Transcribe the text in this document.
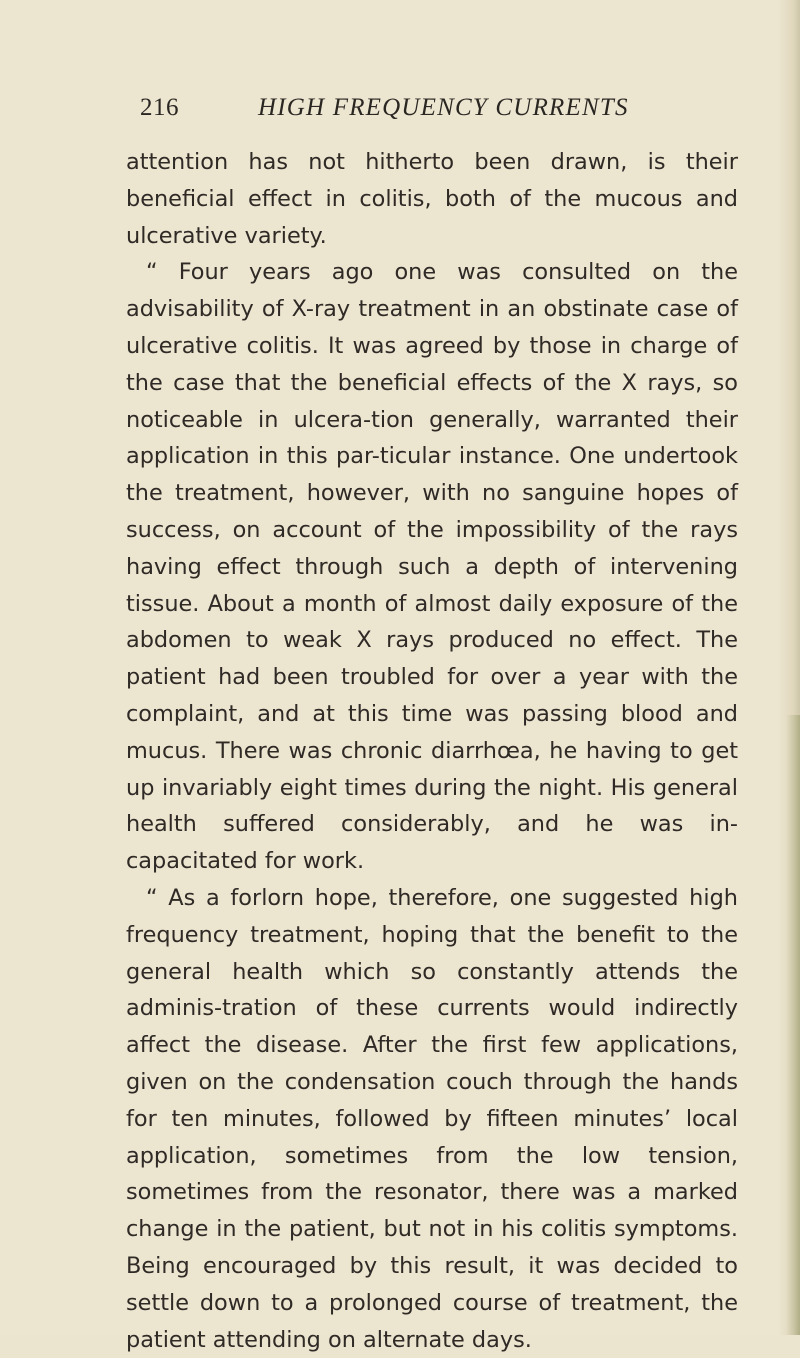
216	HIGH FREQUENCY CURRENTS

attention has not hitherto been drawn, is their beneficial effect in colitis, both of the mucous and ulcerative variety.

“ Four years ago one was consulted on the advisability of X-ray treatment in an obstinate case of ulcerative colitis. It was agreed by those in charge of the case that the beneficial effects of the X rays, so noticeable in ulcera-tion generally, warranted their application in this par-ticular instance. One undertook the treatment, however, with no sanguine hopes of success, on account of the impossibility of the rays having effect through such a depth of intervening tissue. About a month of almost daily exposure of the abdomen to weak X rays produced no effect. The patient had been troubled for over a year with the complaint, and at this time was passing blood and mucus. There was chronic diarrhœa, he having to get up invariably eight times during the night. His general health suffered considerably, and he was in-capacitated for work.

“ As a forlorn hope, therefore, one suggested high frequency treatment, hoping that the benefit to the general health which so constantly attends the adminis-tration of these currents would indirectly affect the disease. After the first few applications, given on the condensation couch through the hands for ten minutes, followed by fifteen minutes’ local application, sometimes from the low tension, sometimes from the resonator, there was a marked change in the patient, but not in his colitis symptoms. Being encouraged by this result, it was decided to settle down to a prolonged course of treatment, the patient attending on alternate days.
